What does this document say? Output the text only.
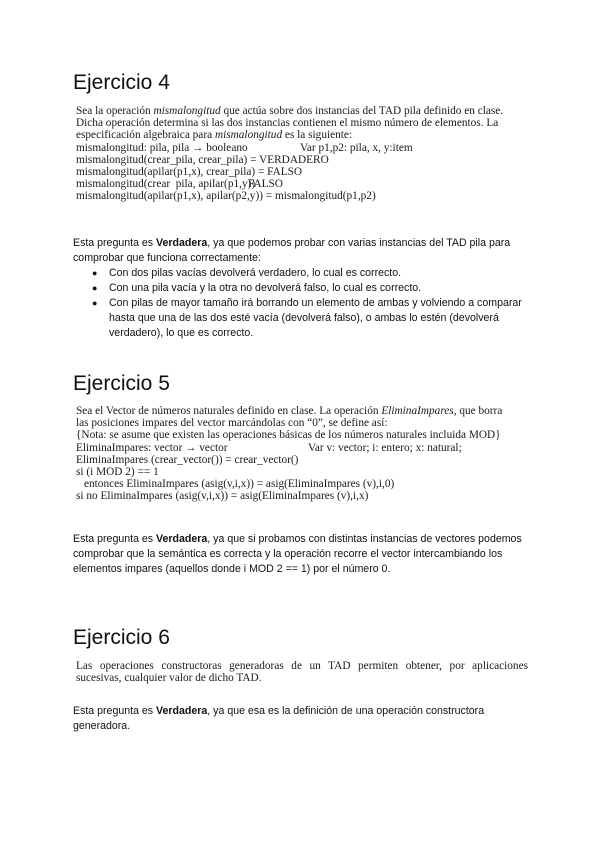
Ejercicio 4
Sea la operación mismalongitud que actúa sobre dos instancias del TAD pila definido en clase.
Dicha operación determina si las dos instancias contienen el mismo número de elementos. La
especificación algebraica para mismalongitud es la siguiente:
mismalongitud: pila, pila → booleano	Var p1,p2: pila, x, y:item
mismalongitud(crear_pila, crear_pila) = VERDADERO
mismalongitud(apilar(p1,x), crear_pila) = FALSO
mismalongitud(crear  pila, apilar(p1,y))FALSO
mismalongitud(apilar(p1,x), apilar(p2,y)) = mismalongitud(p1,p2)
Esta pregunta es Verdadera, ya que podemos probar con varias instancias del TAD pila para comprobar que funciona correctamente:
● Con dos pilas vacías devolverá verdadero, lo cual es correcto.
● Con una pila vacía y la otra no devolverá falso, lo cual es correcto.
● Con pilas de mayor tamaño irá borrando un elemento de ambas y volviendo a comparar hasta que una de las dos esté vacía (devolverá falso), o ambas lo estén (devolverá verdadero), lo que es correcto.
Ejercicio 5
Sea el Vector de números naturales definido en clase. La operación EliminaImpares, que borra
las posiciones impares del vector marcándolas con “0”, se define así:
{Nota: se asume que existen las operaciones básicas de los números naturales incluida MOD}
EliminaImpares: vector → vector	Var v: vector; i: entero; x: natural;
EliminaImpares (crear_vector()) = crear_vector()
si (i MOD 2) == 1
entonces EliminaImpares (asig(v,i,x)) = asig(EliminaImpares (v),i,0)
si no EliminaImpares (asig(v,i,x)) = asig(EliminaImpares (v),i,x)
Esta pregunta es Verdadera, ya que si probamos con distintas instancias de vectores podemos comprobar que la semántica es correcta y la operación recorre el vector intercambiando los elementos impares (aquellos donde i MOD 2 == 1) por el número 0.
Ejercicio 6
Las operaciones constructoras generadoras de un TAD permiten obtener, por aplicaciones
sucesivas, cualquier valor de dicho TAD.
Esta pregunta es Verdadera, ya que esa es la definición de una operación constructora generadora.
